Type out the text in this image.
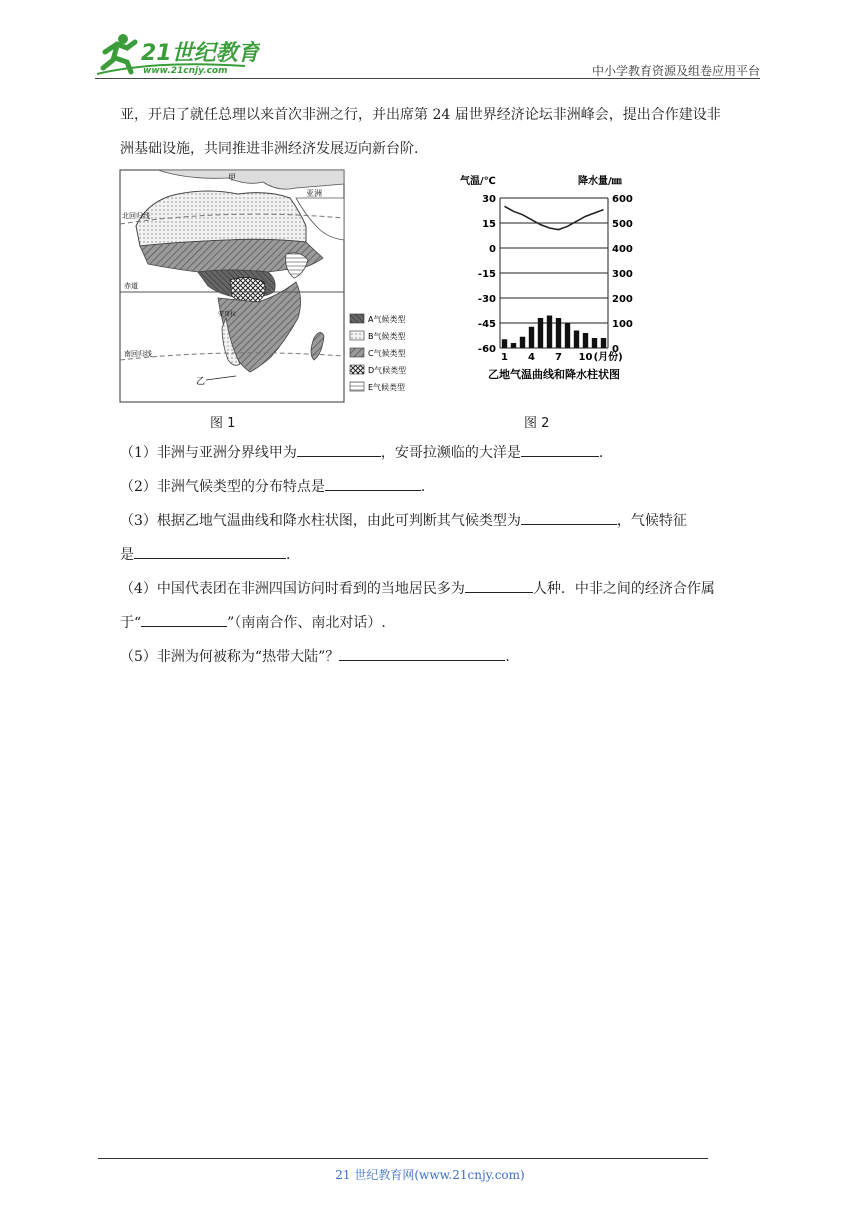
21世纪教育
www.21cnjy.com	中小学教育资源及组卷应用平台
亚，开启了就任总理以来首次非洲之行，并出席第 24 届世界经济论坛非洲峰会，提出合作建设非
洲基础设施，共同推进非洲经济发展迈向新台阶.
甲
亚洲
北回归线
赤道
南回归线
安哥拉
乙
A气候类型
B气候类型
C气候类型
D气候类型
E气候类型
图 1
气温/℃	降水量/㎜
30	600
15	500
0	400
-15	300
-30	200
-45	100
-60	0
1 4 7 10 (月份)
乙地气温曲线和降水柱状图
图 2
（1）非洲与亚洲分界线甲为	，安哥拉濒临的大洋是	.
（2）非洲气候类型的分布特点是	.
（3）根据乙地气温曲线和降水柱状图，由此可判断其气候类型为	，气候特征
是	.
（4）中国代表团在非洲四国访问时看到的当地居民多为	人种．中非之间的经济合作属
于“	”（南南合作、南北对话）.
（5）非洲为何被称为“热带大陆”？	.
21 世纪教育网(www.21cnjy.com)
